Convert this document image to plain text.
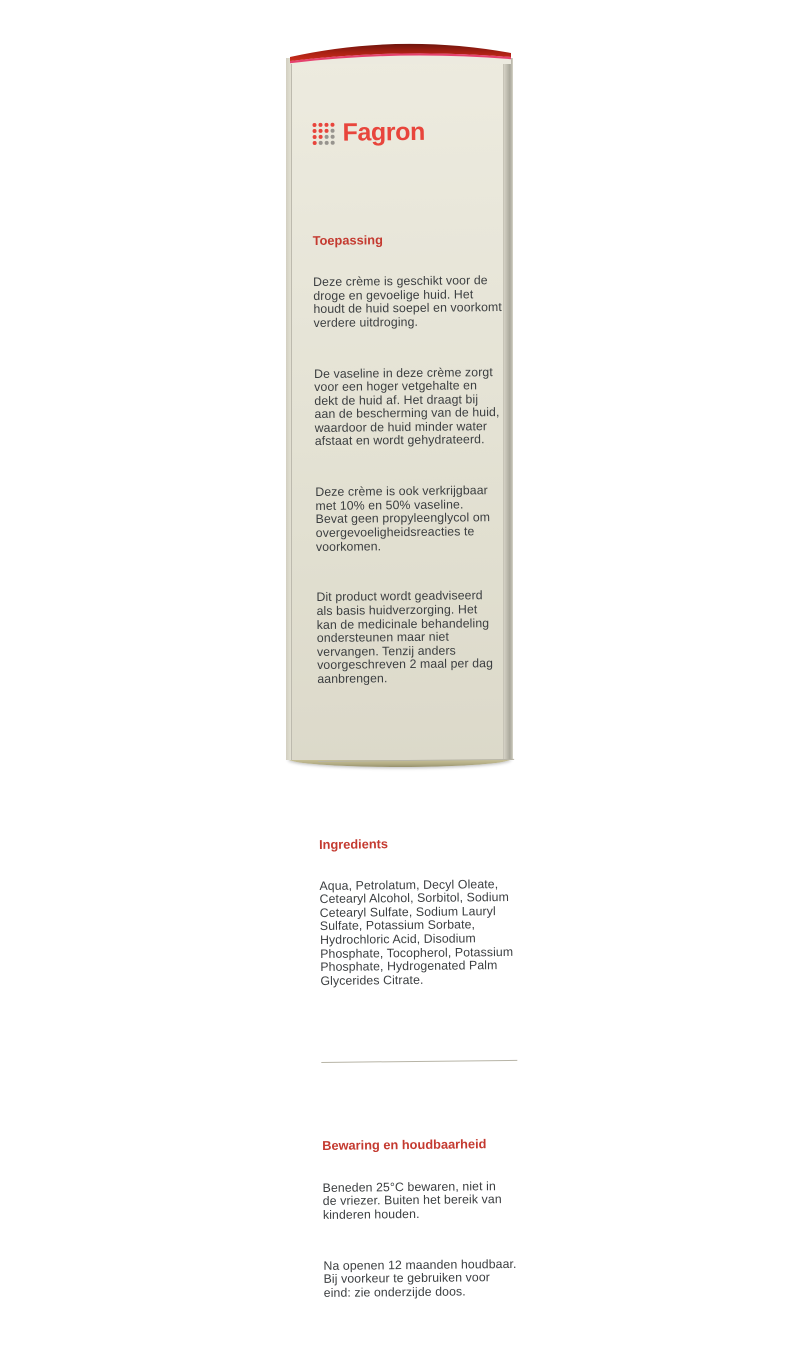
Fagron

Toepassing

Deze crème is geschikt voor de
droge en gevoelige huid. Het
houdt de huid soepel en voorkomt
verdere uitdroging.

De vaseline in deze crème zorgt
voor een hoger vetgehalte en
dekt de huid af. Het draagt bij
aan de bescherming van de huid,
waardoor de huid minder water
afstaat en wordt gehydrateerd.

Deze crème is ook verkrijgbaar
met 10% en 50% vaseline.
Bevat geen propyleenglycol om
overgevoeligheidsreacties te
voorkomen.

Dit product wordt geadviseerd
als basis huidverzorging. Het
kan de medicinale behandeling
ondersteunen maar niet
vervangen. Tenzij anders
voorgeschreven 2 maal per dag
aanbrengen.

Ingredients

Aqua, Petrolatum, Decyl Oleate,
Cetearyl Alcohol, Sorbitol, Sodium
Cetearyl Sulfate, Sodium Lauryl
Sulfate, Potassium Sorbate,
Hydrochloric Acid, Disodium
Phosphate, Tocopherol, Potassium
Phosphate, Hydrogenated Palm
Glycerides Citrate.

Bewaring en houdbaarheid

Beneden 25°C bewaren, niet in
de vriezer. Buiten het bereik van
kinderen houden.

Na openen 12 maanden houdbaar.
Bij voorkeur te gebruiken voor
eind: zie onderzijde doos.
